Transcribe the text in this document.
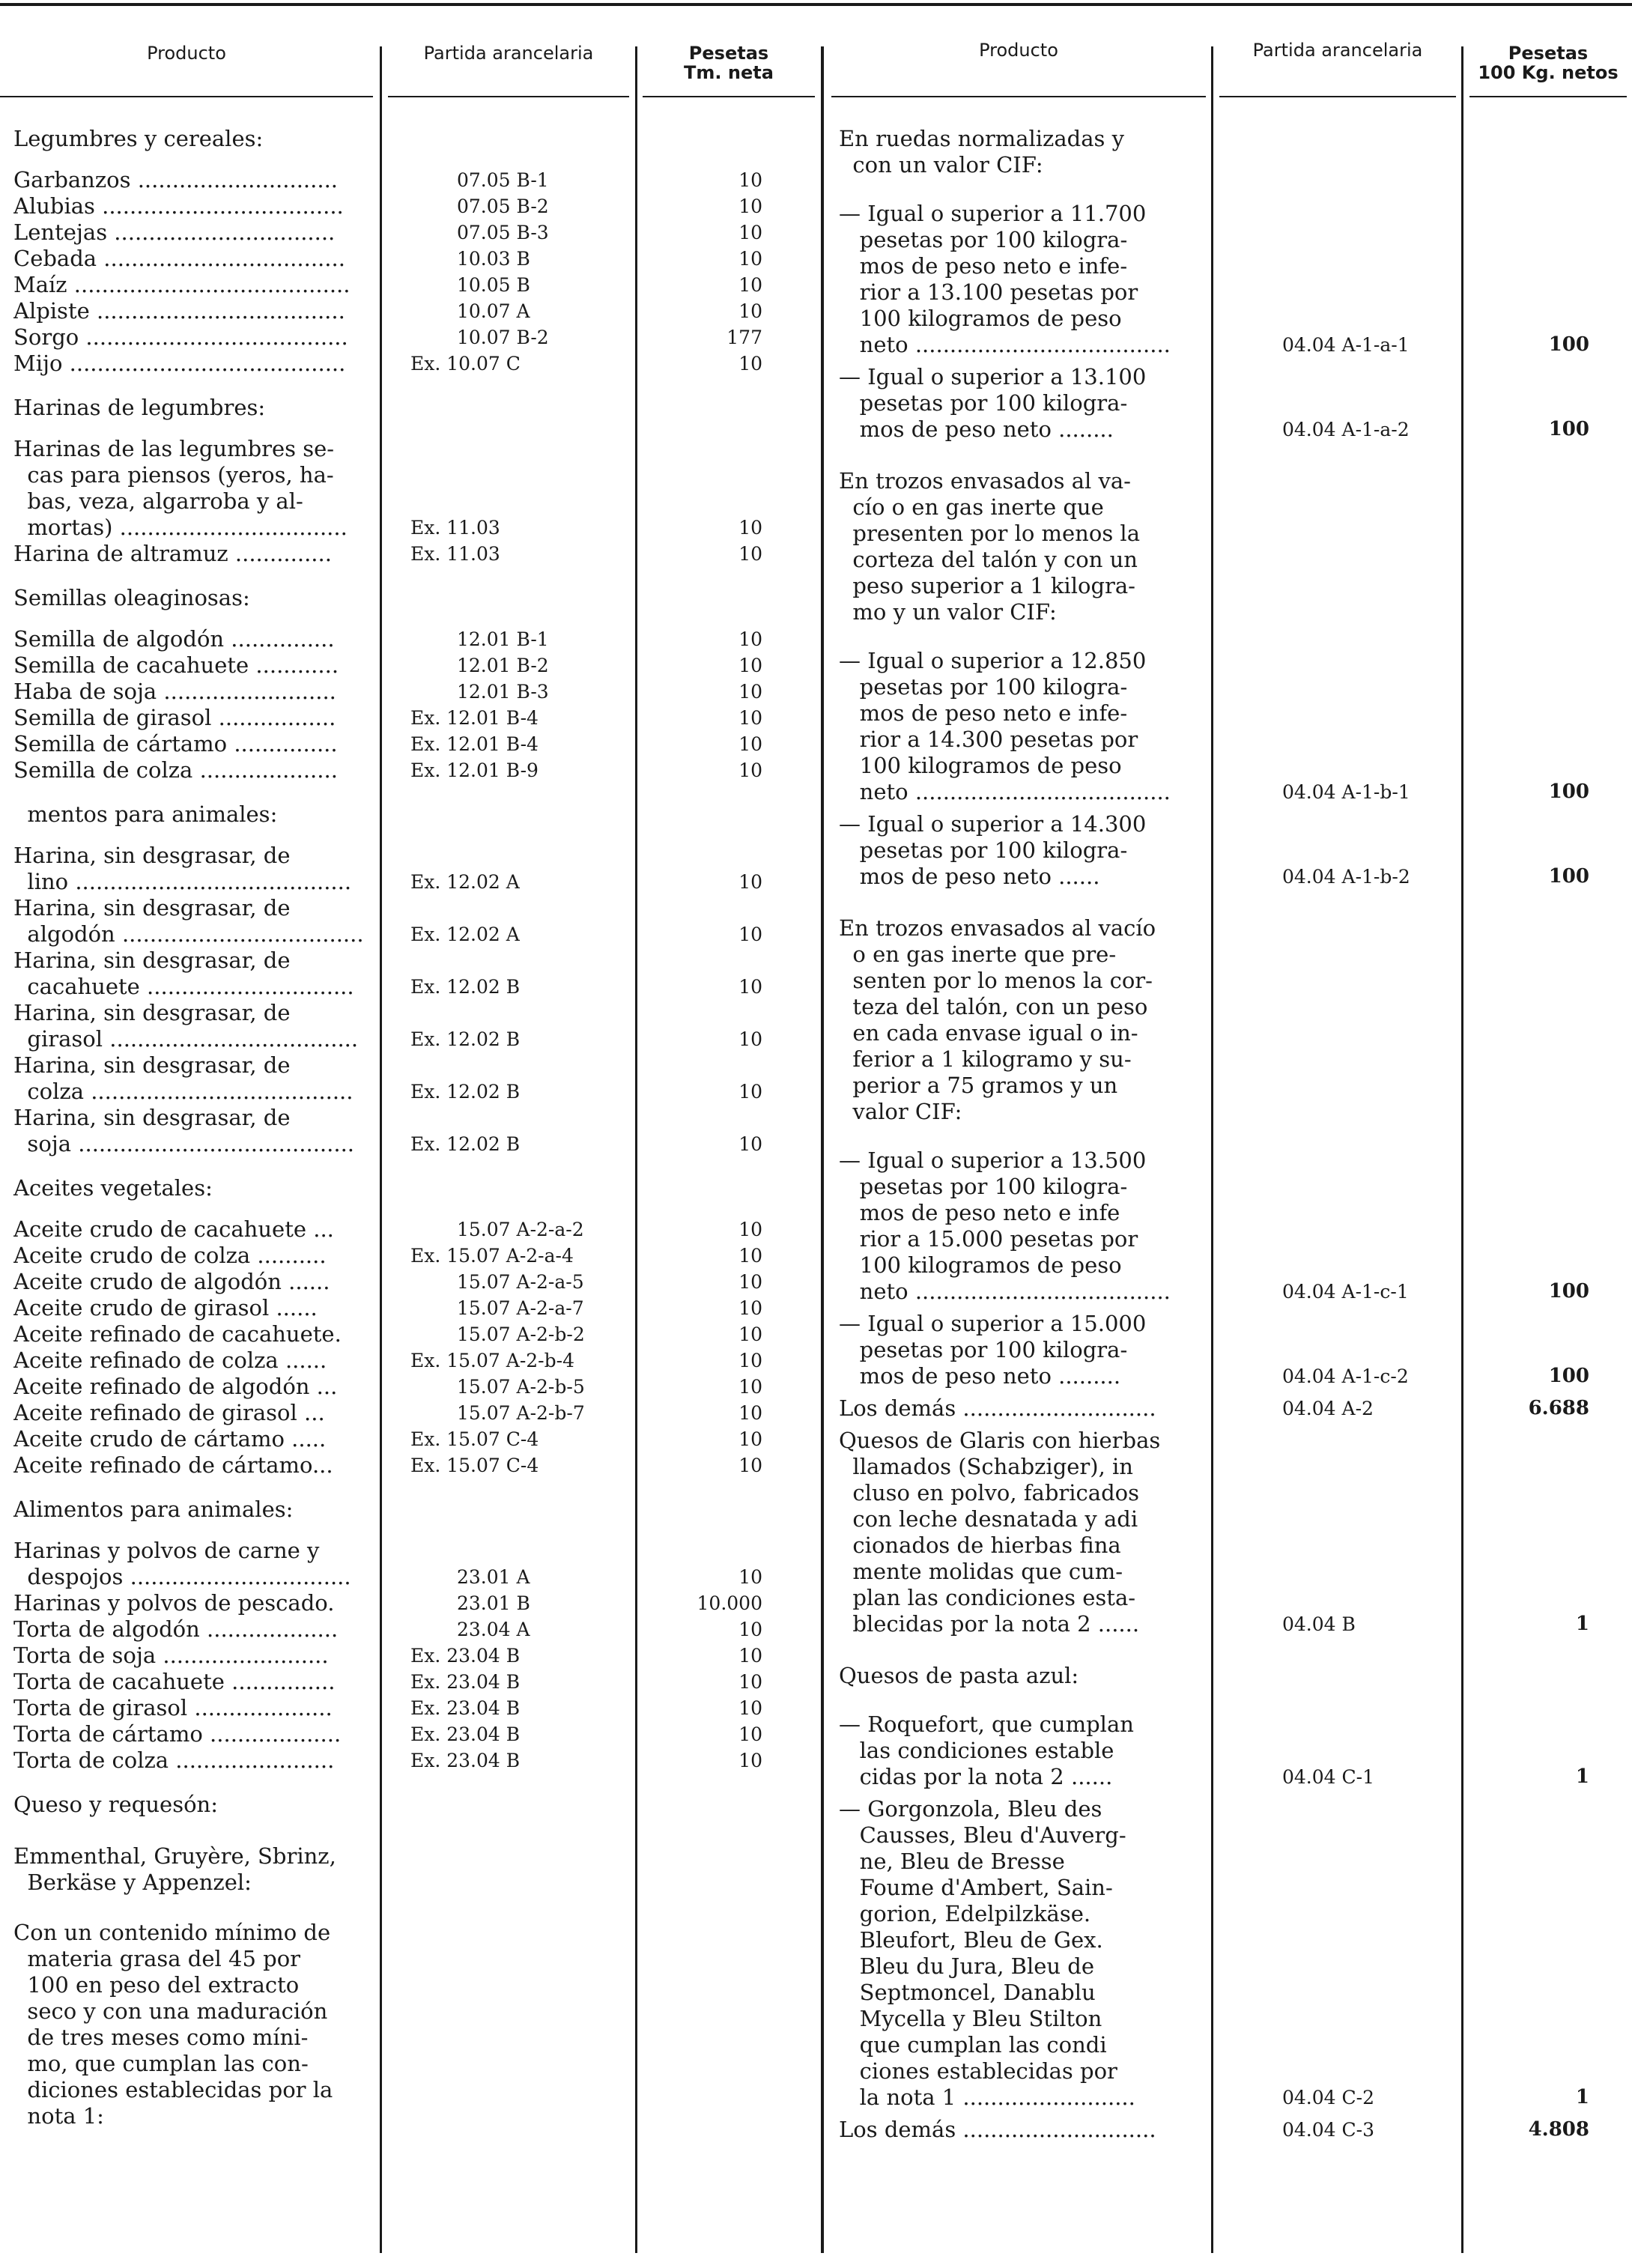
Producto	Partida arancelaria	Pesetas
Tm. neta
Producto	Partida arancelaria	Pesetas
100 Kg. netos
Legumbres y cereales:
Garbanzos .............................	07.05 B-1	10
Alubias ...................................	07.05 B-2	10
Lentejas ................................	07.05 B-3	10
Cebada ...................................	10.03 B	10
Maíz ........................................	10.05 B	10
Alpiste ....................................	10.07 A	10
Sorgo ......................................	10.07 B-2	177
Mijo ........................................	Ex. 10.07 C	10
Harinas de legumbres:
Harinas de las legumbres se-
cas para piensos (yeros, ha-
bas, veza, algarroba y al-
mortas) .................................	Ex. 11.03	10
Harina de altramuz ..............	Ex. 11.03	10
Semillas oleaginosas:
Semilla de algodón ...............	12.01 B-1	10
Semilla de cacahuete ............	12.01 B-2	10
Haba de soja .........................	12.01 B-3	10
Semilla de girasol .................	Ex. 12.01 B-4	10
Semilla de cártamo ...............	Ex. 12.01 B-4	10
Semilla de colza ....................	Ex. 12.01 B-9	10
mentos para animales:
Harina, sin desgrasar, de
lino ........................................	Ex. 12.02 A	10
Harina, sin desgrasar, de
algodón ...................................	Ex. 12.02 A	10
Harina, sin desgrasar, de
cacahuete ..............................	Ex. 12.02 B	10
Harina, sin desgrasar, de
girasol ....................................	Ex. 12.02 B	10
Harina, sin desgrasar, de
colza ......................................	Ex. 12.02 B	10
Harina, sin desgrasar, de
soja ........................................	Ex. 12.02 B	10
Aceites vegetales:
Aceite crudo de cacahuete ...	15.07 A-2-a-2	10
Aceite crudo de colza ..........	Ex. 15.07 A-2-a-4	10
Aceite crudo de algodón ......	15.07 A-2-a-5	10
Aceite crudo de girasol ......	15.07 A-2-a-7	10
Aceite refinado de cacahuete.	15.07 A-2-b-2	10
Aceite refinado de colza ......	Ex. 15.07 A-2-b-4	10
Aceite refinado de algodón ...	15.07 A-2-b-5	10
Aceite refinado de girasol ...	15.07 A-2-b-7	10
Aceite crudo de cártamo .....	Ex. 15.07 C-4	10
Aceite refinado de cártamo...	Ex. 15.07 C-4	10
Alimentos para animales:
Harinas y polvos de carne y
despojos ................................	23.01 A	10
Harinas y polvos de pescado.	23.01 B	10.000
Torta de algodón ...................	23.04 A	10
Torta de soja ........................	Ex. 23.04 B	10
Torta de cacahuete ...............	Ex. 23.04 B	10
Torta de girasol ....................	Ex. 23.04 B	10
Torta de cártamo ...................	Ex. 23.04 B	10
Torta de colza .......................	Ex. 23.04 B	10
Queso y requesón:
Emmenthal, Gruyère, Sbrinz,
Berkäse y Appenzel:
Con un contenido mínimo de
materia grasa del 45 por
100 en peso del extracto
seco y con una maduración
de tres meses como míni-
mo, que cumplan las con-
diciones establecidas por la
nota 1:
En ruedas normalizadas y
con un valor CIF:
— Igual o superior a 11.700
pesetas por 100 kilogra-
mos de peso neto e infe-
rior a 13.100 pesetas por
100 kilogramos de peso
neto .....................................	04.04 A-1-a-1	100
— Igual o superior a 13.100
pesetas por 100 kilogra-
mos de peso neto ........	04.04 A-1-a-2	100
En trozos envasados al va-
cío o en gas inerte que
presenten por lo menos la
corteza del talón y con un
peso superior a 1 kilogra-
mo y un valor CIF:
— Igual o superior a 12.850
pesetas por 100 kilogra-
mos de peso neto e infe-
rior a 14.300 pesetas por
100 kilogramos de peso
neto .....................................	04.04 A-1-b-1	100
— Igual o superior a 14.300
pesetas por 100 kilogra-
mos de peso neto ......	04.04 A-1-b-2	100
En trozos envasados al vacío
o en gas inerte que pre-
senten por lo menos la cor-
teza del talón, con un peso
en cada envase igual o in-
ferior a 1 kilogramo y su-
perior a 75 gramos y un
valor CIF:
— Igual o superior a 13.500
pesetas por 100 kilogra-
mos de peso neto e infe
rior a 15.000 pesetas por
100 kilogramos de peso
neto .....................................	04.04 A-1-c-1	100
— Igual o superior a 15.000
pesetas por 100 kilogra-
mos de peso neto .........	04.04 A-1-c-2	100
Los demás ............................	04.04 A-2	6.688
Quesos de Glaris con hierbas
llamados (Schabziger), in
cluso en polvo, fabricados
con leche desnatada y adi
cionados de hierbas fina
mente molidas que cum-
plan las condiciones esta-
blecidas por la nota 2 ......	04.04 B	1
Quesos de pasta azul:
— Roquefort, que cumplan
las condiciones estable
cidas por la nota 2 ......	04.04 C-1	1
— Gorgonzola, Bleu des
Causses, Bleu d'Auverg-
ne, Bleu de Bresse
Foume d'Ambert, Sain-
gorion, Edelpilzkäse.
Bleufort, Bleu de Gex.
Bleu du Jura, Bleu de
Septmoncel, Danablu
Mycella y Bleu Stilton
que cumplan las condi
ciones establecidas por
la nota 1 .........................	04.04 C-2	1
Los demás ............................	04.04 C-3	4.808
